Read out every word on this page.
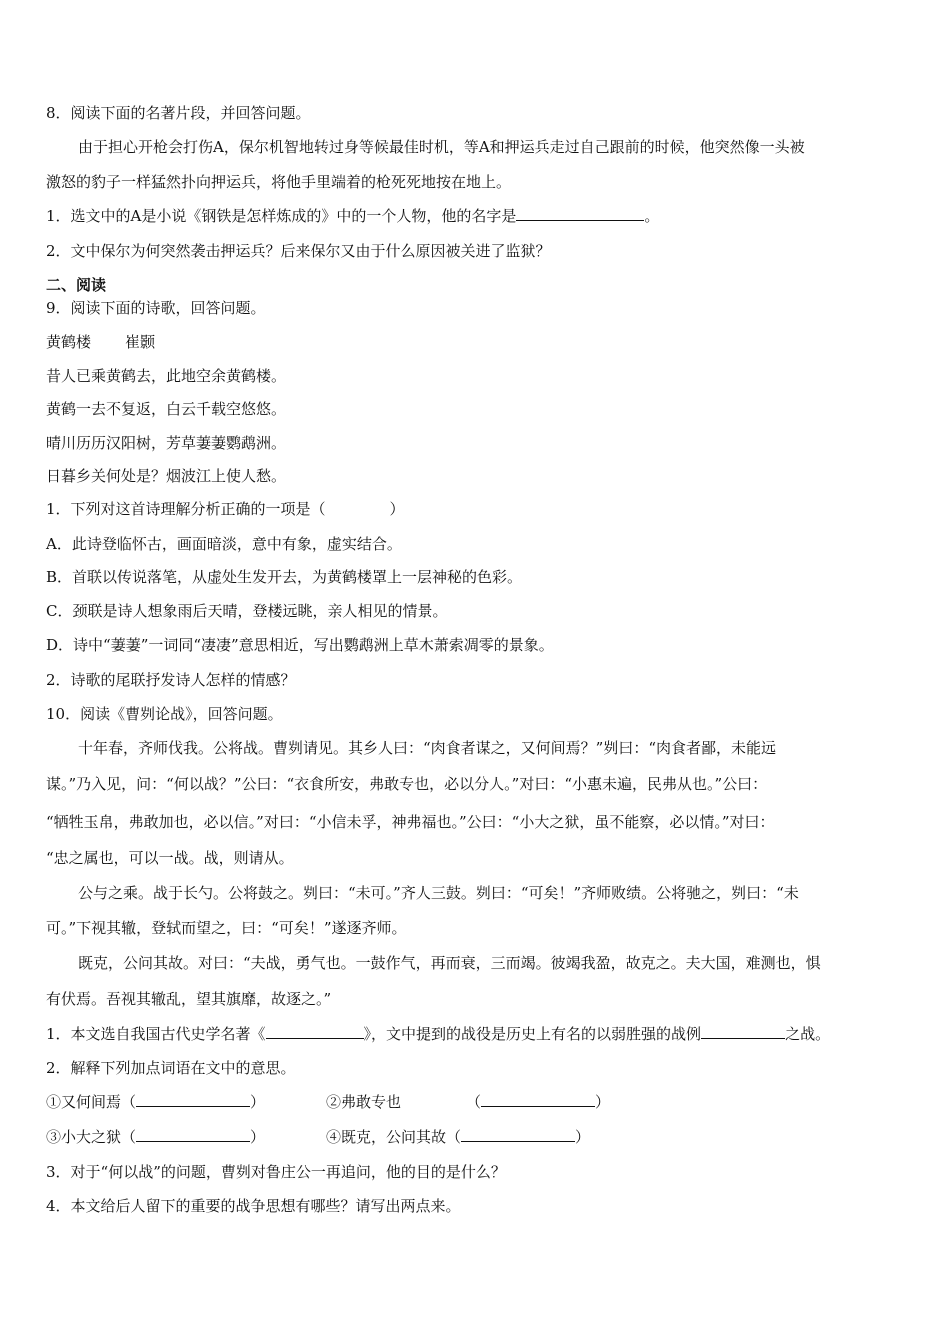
8．阅读下面的名著片段，并回答问题。
由于担心开枪会打伤A，保尔机智地转过身等候最佳时机，等A和押运兵走过自己跟前的时候，他突然像一头被
激怒的豹子一样猛然扑向押运兵，将他手里端着的枪死死地按在地上。
1．选文中的A是小说《钢铁是怎样炼成的》中的一个人物，他的名字是	。
2．文中保尔为何突然袭击押运兵？后来保尔又由于什么原因被关进了监狱？
二、阅读
9．阅读下面的诗歌，回答问题。
黄鹤楼 崔颢
昔人已乘黄鹤去，此地空余黄鹤楼。
黄鹤一去不复返，白云千载空悠悠。
晴川历历汉阳树，芳草萋萋鹦鹉洲。
日暮乡关何处是？烟波江上使人愁。
1．下列对这首诗理解分析正确的一项是（	）
A．此诗登临怀古，画面暗淡，意中有象，虚实结合。
B．首联以传说落笔，从虚处生发开去，为黄鹤楼罩上一层神秘的色彩。
C．颈联是诗人想象雨后天晴，登楼远眺，亲人相见的情景。
D．诗中“萋萋”一词同“凄凄”意思相近，写出鹦鹉洲上草木萧索凋零的景象。
2．诗歌的尾联抒发诗人怎样的情感？
10．阅读《曹刿论战》，回答问题。
十年春，齐师伐我。公将战。曹刿请见。其乡人曰：“肉食者谋之，又何间焉？”刿曰：“肉食者鄙，未能远
谋。”乃入见，问：“何以战？”公曰：“衣食所安，弗敢专也，必以分人。”对曰：“小惠未遍，民弗从也。”公曰：
“牺牲玉帛，弗敢加也，必以信。”对曰：“小信未孚，神弗福也。”公曰：“小大之狱，虽不能察，必以情。”对曰：
“忠之属也，可以一战。战，则请从。
公与之乘。战于长勺。公将鼓之。刿曰：“未可。”齐人三鼓。刿曰：“可矣！”齐师败绩。公将驰之，刿曰：“未
可。”下视其辙，登轼而望之，曰：“可矣！”遂逐齐师。
既克，公问其故。对曰：“夫战，勇气也。一鼓作气，再而衰，三而竭。彼竭我盈，故克之。夫大国，难测也，惧
有伏焉。吾视其辙乱，望其旗靡，故逐之。”
1．本文选自我国古代史学名著《	》，文中提到的战役是历史上有名的以弱胜强的战例	之战。
2．解释下列加点词语在文中的意思。
①又何间焉（	）	②弗敢专也	（	）
③小大之狱（	）	④既克，公问其故（	）
3．对于“何以战”的问题，曹刿对鲁庄公一再追问，他的目的是什么？
4．本文给后人留下的重要的战争思想有哪些？请写出两点来。
